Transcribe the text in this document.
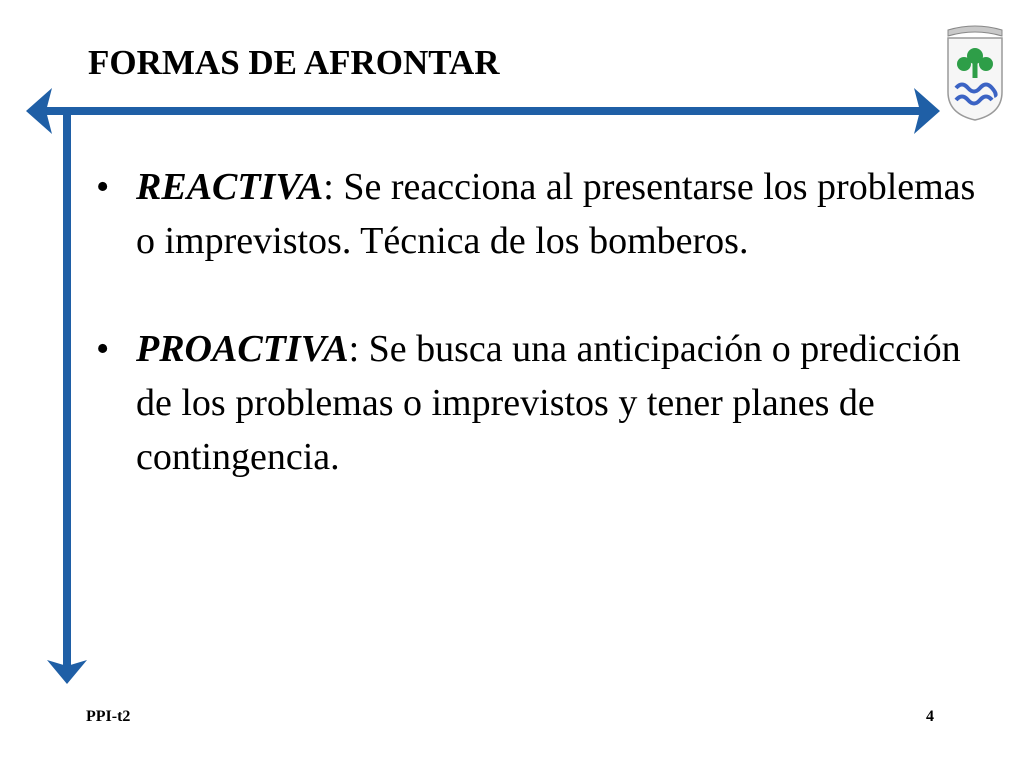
FORMAS DE AFRONTAR
• REACTIVA: Se reacciona al presentarse los problemas o imprevistos. Técnica de los bomberos.
• PROACTIVA: Se busca una anticipación o predicción de los problemas o imprevistos y tener planes de contingencia.
PPI-t2	4
